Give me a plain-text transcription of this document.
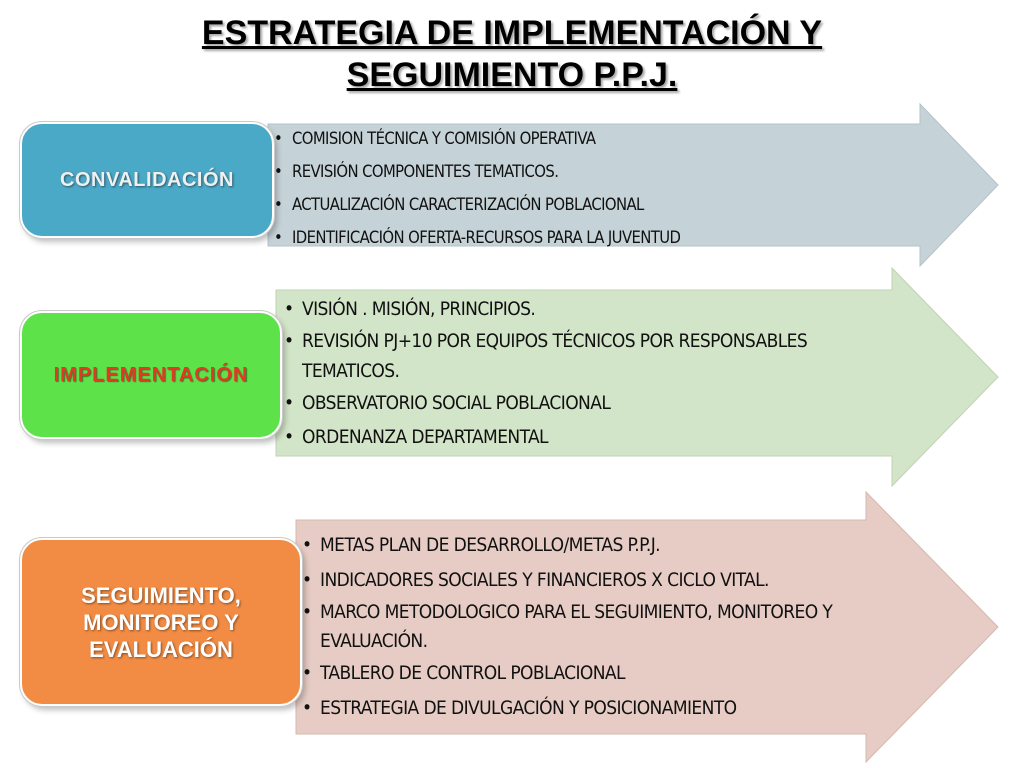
ESTRATEGIA DE IMPLEMENTACIÓN Y
SEGUIMIENTO P.P.J.
• COMISION TÉCNICA Y COMISIÓN OPERATIVA
• REVISIÓN COMPONENTES TEMATICOS.
• ACTUALIZACIÓN CARACTERIZACIÓN POBLACIONAL
• IDENTIFICACIÓN OFERTA-RECURSOS PARA LA JUVENTUD
CONVALIDACIÓN
• VISIÓN . MISIÓN, PRINCIPIOS.
• REVISIÓN PJ+10 POR EQUIPOS TÉCNICOS POR RESPONSABLES TEMATICOS.
• OBSERVATORIO SOCIAL POBLACIONAL
• ORDENANZA DEPARTAMENTAL
IMPLEMENTACIÓN
• METAS PLAN DE DESARROLLO/METAS P.P.J.
• INDICADORES SOCIALES Y FINANCIEROS X CICLO VITAL.
• MARCO METODOLOGICO PARA EL SEGUIMIENTO, MONITOREO Y EVALUACIÓN.
• TABLERO DE CONTROL POBLACIONAL
• ESTRATEGIA DE DIVULGACIÓN Y POSICIONAMIENTO
SEGUIMIENTO, MONITOREO Y EVALUACIÓN
